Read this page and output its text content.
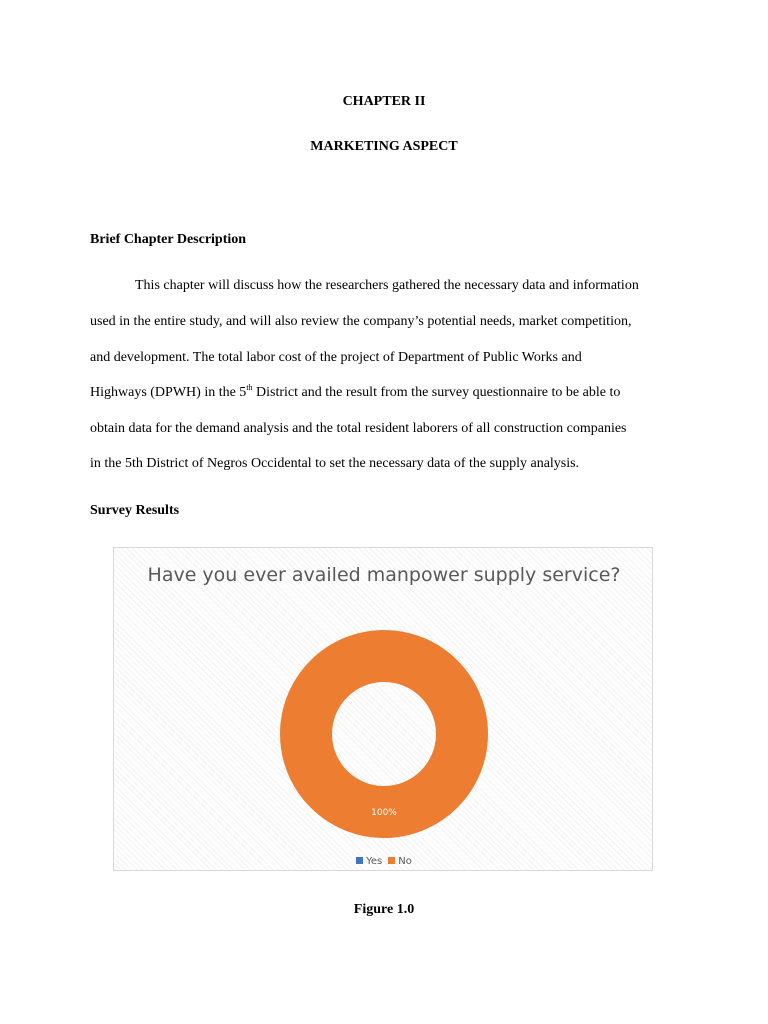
CHAPTER II
MARKETING ASPECT
Brief Chapter Description
This chapter will discuss how the researchers gathered the necessary data and information
used in the entire study, and will also review the company’s potential needs, market competition,
and development. The total labor cost of the project of Department of Public Works and
Highways (DPWH) in the 5th District and the result from the survey questionnaire to be able to
obtain data for the demand analysis and the total resident laborers of all construction companies
in the 5th District of Negros Occidental to set the necessary data of the supply analysis.
Survey Results
Have you ever availed manpower supply service?
100%
Yes No
Figure 1.0
